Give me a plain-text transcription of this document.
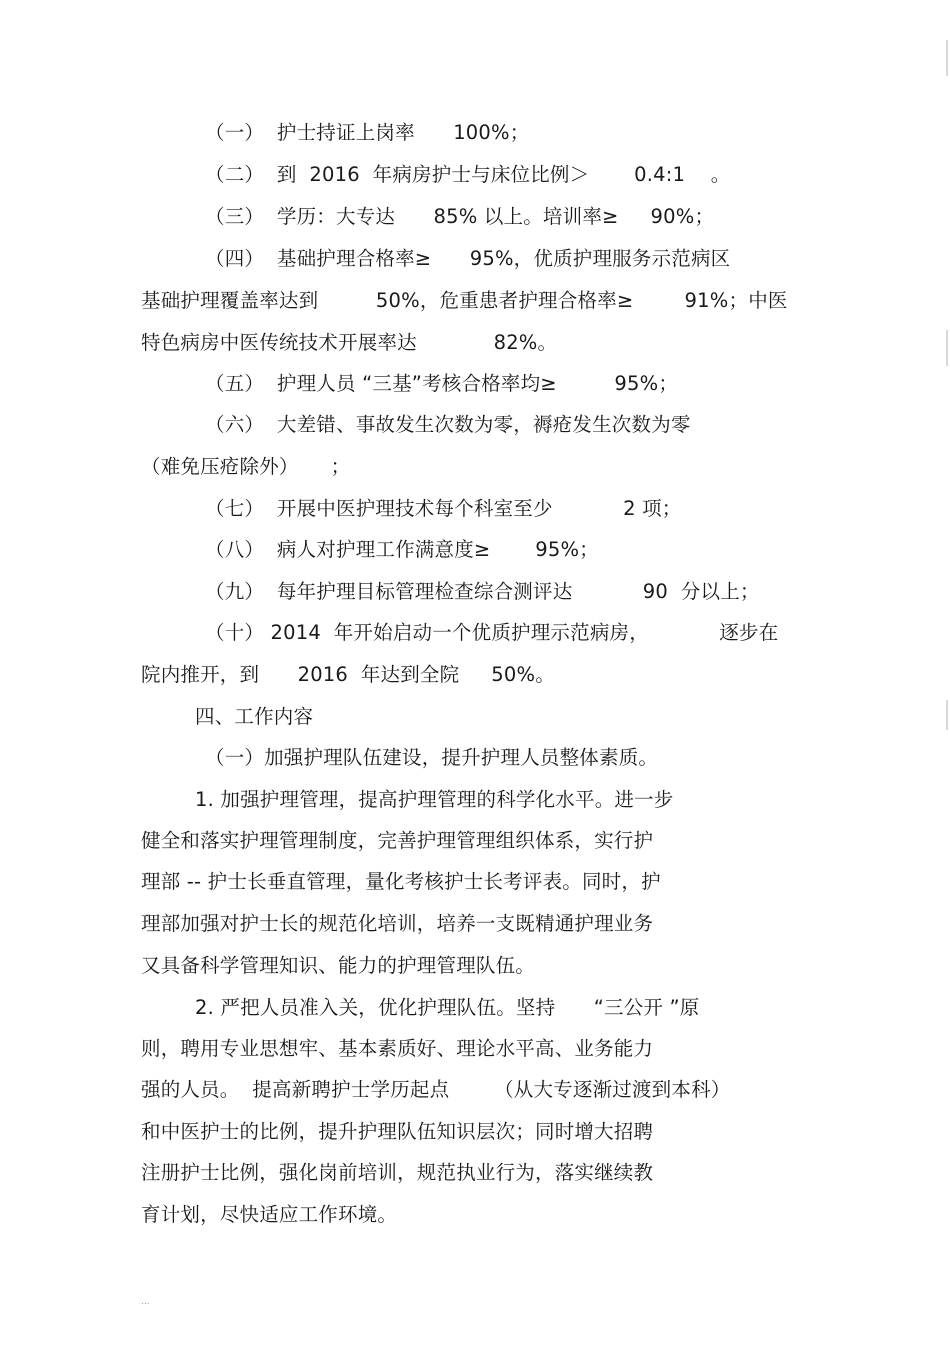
（一）  护士持证上岗率      100%；
（二）  到  2016  年病房护士与床位比例＞       0.4:1    。
（三）  学历：大专达      85% 以上。培训率≥     90%；
（四）  基础护理合格率≥      95%，优质护理服务示范病区
基础护理覆盖率达到         50%，危重患者护理合格率≥        91%；中医
特色病房中医传统技术开展率达            82%。
（五）  护理人员 “三基”考核合格率均≥         95%；
（六）  大差错、事故发生次数为零，褥疮发生次数为零
（难免压疮除外）     ；
（七）  开展中医护理技术每个科室至少           2 项；
（八）  病人对护理工作满意度≥       95%；
（九）  每年护理目标管理检查综合测评达           90  分以上；
（十） 2014  年开始启动一个优质护理示范病房，           逐步在
院内推开，到      2016  年达到全院     50%。
四、工作内容
（一）加强护理队伍建设，提升护理人员整体素质。
1. 加强护理管理，提高护理管理的科学化水平。进一步
健全和落实护理管理制度，完善护理管理组织体系，实行护
理部 -- 护士长垂直管理，量化考核护士长考评表。同时，护
理部加强对护士长的规范化培训，培养一支既精通护理业务
又具备科学管理知识、能力的护理管理队伍。
2. 严把人员准入关，优化护理队伍。坚持      “三公开 ”原
则，聘用专业思想牢、基本素质好、理论水平高、业务能力
强的人员。  提高新聘护士学历起点       （从大专逐渐过渡到本科）
和中医护士的比例，提升护理队伍知识层次；同时增大招聘
注册护士比例，强化岗前培训，规范执业行为，落实继续教
育计划，尽快适应工作环境。
...
